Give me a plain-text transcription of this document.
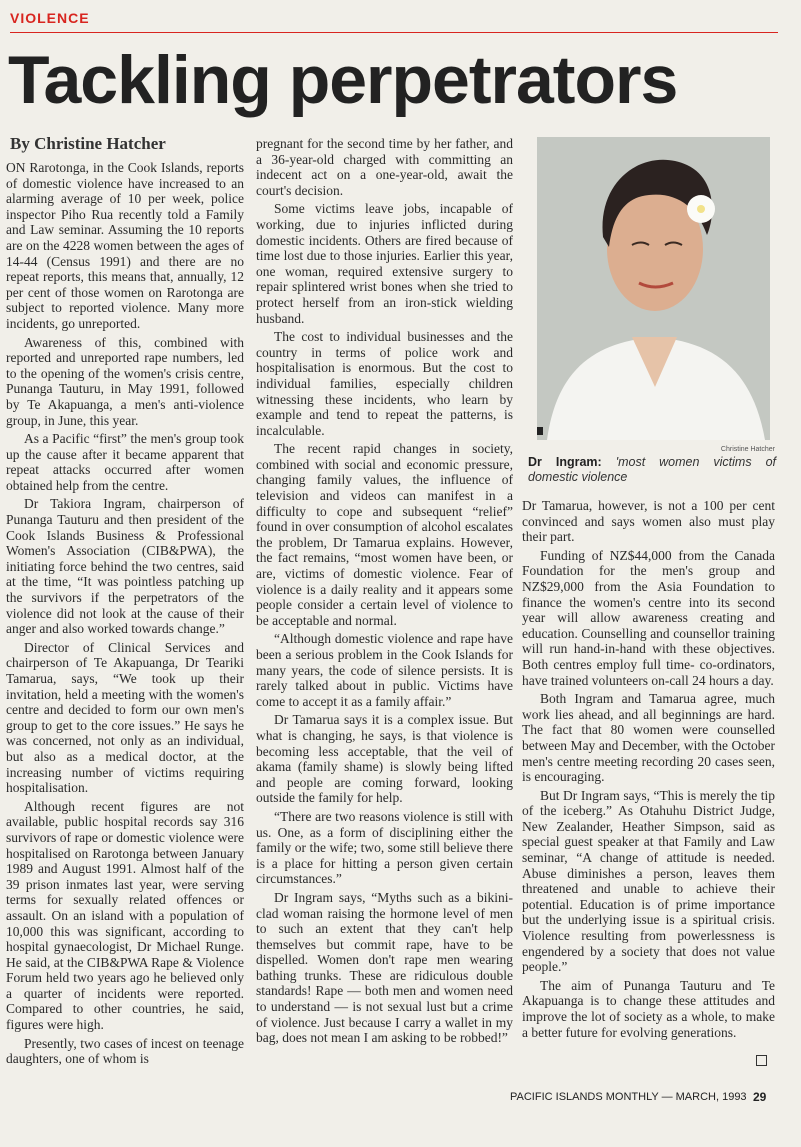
VIOLENCE
Tackling perpetrators
By Christine Hatcher

ON Rarotonga, in the Cook Islands, reports of domestic violence have increased to an alarming average of 10 per week, police inspector Piho Rua recently told a Family and Law seminar. Assuming the 10 reports are on the 4228 women between the ages of 14-44 (Census 1991) and there are no repeat reports, this means that, annually, 12 per cent of those women on Rarotonga are subject to reported violence. Many more incidents, go unreported.

Awareness of this, combined with reported and unreported rape numbers, led to the opening of the women's crisis centre, Punanga Tauturu, in May 1991, followed by Te Akapuanga, a men's anti-violence group, in June, this year.

As a Pacific “first” the men's group took up the cause after it became apparent that repeat attacks occurred after women obtained help from the centre.

Dr Takiora Ingram, chairperson of Punanga Tauturu and then president of the Cook Islands Business & Professional Women's Association (CIB&PWA), the initiating force behind the two centres, said at the time, “It was pointless patching up the survivors if the perpetrators of the violence did not look at the cause of their anger and also worked towards change.”

Director of Clinical Services and chairperson of Te Akapuanga, Dr Teariki Tamarua, says, “We took up their invitation, held a meeting with the women's centre and decided to form our own men's group to get to the core issues.” He says he was concerned, not only as an individual, but also as a medical doctor, at the increasing number of victims requiring hospitalisation.

Although recent figures are not available, public hospital records say 316 survivors of rape or domestic violence were hospitalised on Rarotonga between January 1989 and August 1991. Almost half of the 39 prison inmates last year, were serving terms for sexually related offences or assault. On an island with a population of 10,000 this was significant, according to hospital gynaecologist, Dr Michael Runge. He said, at the CIB&PWA Rape & Violence Forum held two years ago he believed only a quarter of incidents were reported. Compared to other countries, he said, figures were high.

Presently, two cases of incest on teenage daughters, one of whom is

pregnant for the second time by her father, and a 36-year-old charged with committing an indecent act on a one-year-old, await the court's decision.

Some victims leave jobs, incapable of working, due to injuries inflicted during domestic incidents. Others are fired because of time lost due to those injuries. Earlier this year, one woman, required extensive surgery to repair splintered wrist bones when she tried to protect herself from an iron-stick wielding husband.

The cost to individual businesses and the country in terms of police work and hospitalisation is enormous. But the cost to individual families, especially children witnessing these incidents, who learn by example and tend to repeat the patterns, is incalculable.

The recent rapid changes in society, combined with social and economic pressure, changing family values, the influence of television and videos can manifest in a difficulty to cope and subsequent “relief” found in over consumption of alcohol escalates the problem, Dr Tamarua explains. However, the fact remains, “most women have been, or are, victims of domestic violence. Fear of violence is a daily reality and it appears some people consider a certain level of violence to be acceptable and normal.

“Although domestic violence and rape have been a serious problem in the Cook Islands for many years, the code of silence persists. It is rarely talked about in public. Victims have come to accept it as a family affair.”

Dr Tamarua says it is a complex issue. But what is changing, he says, is that violence is becoming less acceptable, that the veil of akama (family shame) is slowly being lifted and people are coming forward, looking outside the family for help.

“There are two reasons violence is still with us. One, as a form of disciplining either the family or the wife; two, some still believe there is a place for hitting a person given certain circumstances.”

Dr Ingram says, “Myths such as a bikini-clad woman raising the hormone level of men to such an extent that they can't help themselves but commit rape, have to be dispelled. Women don't rape men wearing bathing trunks. These are ridiculous double standards! Rape — both men and women need to understand — is not sexual lust but a crime of violence. Just because I carry a wallet in my bag, does not mean I am asking to be robbed!”

Christine Hatcher
Dr Ingram: 'most women victims of domestic violence

Dr Tamarua, however, is not a 100 per cent convinced and says women also must play their part.

Funding of NZ$44,000 from the Canada Foundation for the men's group and NZ$29,000 from the Asia Foundation to finance the women's centre into its second year will allow awareness creating and education. Counselling and counsellor training will run hand-in-hand with these objectives. Both centres employ full time- co-ordinators, have trained volunteers on-call 24 hours a day.

Both Ingram and Tamarua agree, much work lies ahead, and all beginnings are hard. The fact that 80 women were counselled between May and December, with the October men's centre meeting recording 20 cases seen, is encouraging.

But Dr Ingram says, “This is merely the tip of the iceberg.” As Otahuhu District Judge, New Zealander, Heather Simpson, said as special guest speaker at that Family and Law seminar, “A change of attitude is needed. Abuse diminishes a person, leaves them threatened and unable to achieve their potential. Education is of prime importance but the underlying issue is a spiritual crisis. Violence resulting from powerlessness is engendered by a society that does not value people.”

The aim of Punanga Tauturu and Te Akapuanga is to change these attitudes and improve the lot of society as a whole, to make a better future for evolving generations.

PACIFIC ISLANDS MONTHLY — MARCH, 1993 29
